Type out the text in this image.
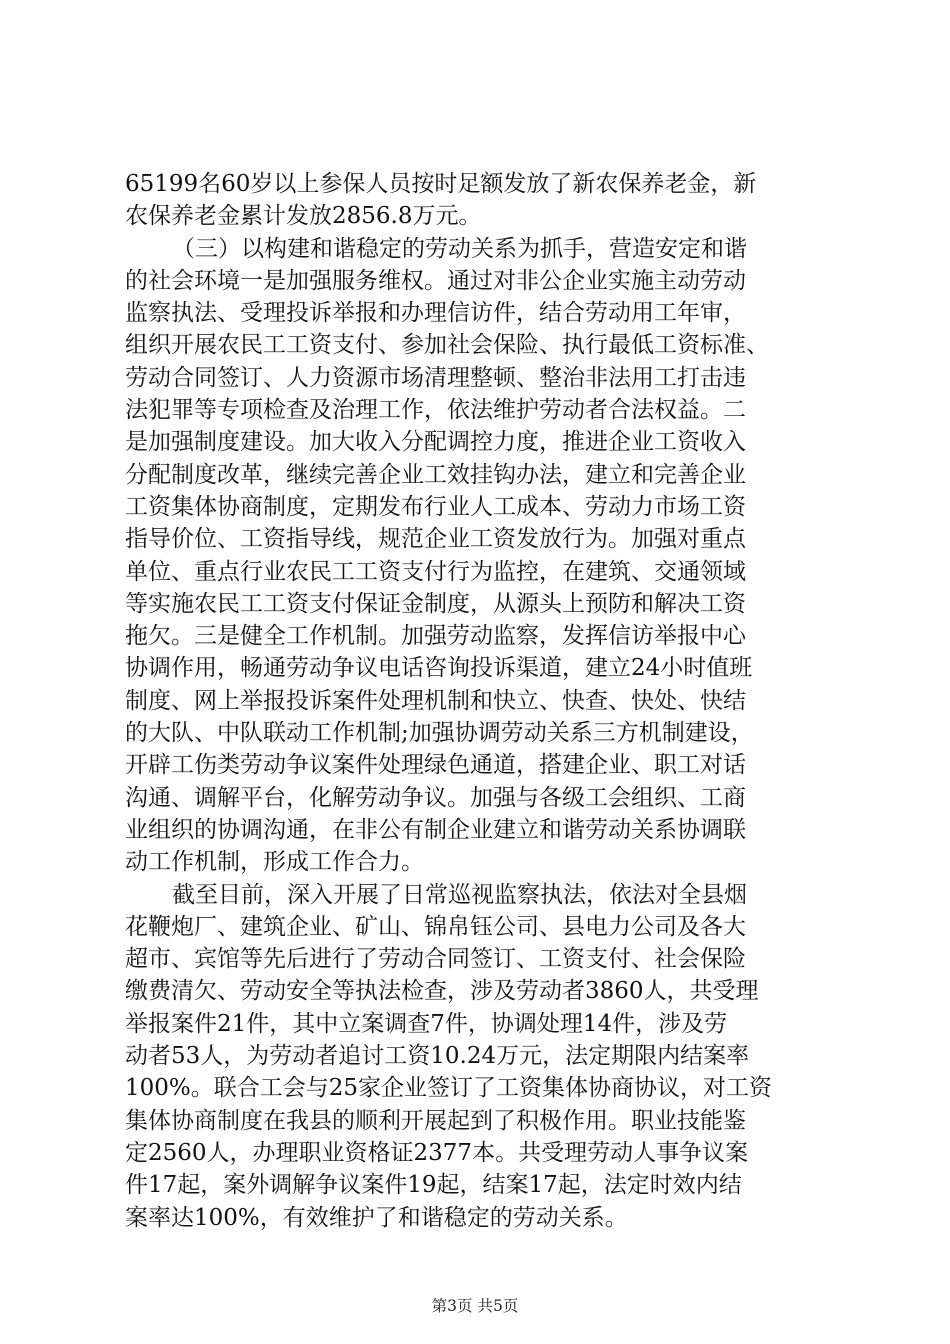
65199名60岁以上参保人员按时足额发放了新农保养老金，新
农保养老金累计发放2856.8万元。
（三）以构建和谐稳定的劳动关系为抓手，营造安定和谐
的社会环境一是加强服务维权。通过对非公企业实施主动劳动
监察执法、受理投诉举报和办理信访件，结合劳动用工年审，
组织开展农民工工资支付、参加社会保险、执行最低工资标准、
劳动合同签订、人力资源市场清理整顿、整治非法用工打击违
法犯罪等专项检查及治理工作，依法维护劳动者合法权益。二
是加强制度建设。加大收入分配调控力度，推进企业工资收入
分配制度改革，继续完善企业工效挂钩办法，建立和完善企业
工资集体协商制度，定期发布行业人工成本、劳动力市场工资
指导价位、工资指导线，规范企业工资发放行为。加强对重点
单位、重点行业农民工工资支付行为监控，在建筑、交通领域
等实施农民工工资支付保证金制度，从源头上预防和解决工资
拖欠。三是健全工作机制。加强劳动监察，发挥信访举报中心
协调作用，畅通劳动争议电话咨询投诉渠道，建立24小时值班
制度、网上举报投诉案件处理机制和快立、快查、快处、快结
的大队、中队联动工作机制;加强协调劳动关系三方机制建设，
开辟工伤类劳动争议案件处理绿色通道，搭建企业、职工对话
沟通、调解平台，化解劳动争议。加强与各级工会组织、工商
业组织的协调沟通，在非公有制企业建立和谐劳动关系协调联
动工作机制，形成工作合力。
截至目前，深入开展了日常巡视监察执法，依法对全县烟
花鞭炮厂、建筑企业、矿山、锦帛钰公司、县电力公司及各大
超市、宾馆等先后进行了劳动合同签订、工资支付、社会保险
缴费清欠、劳动安全等执法检查，涉及劳动者3860人，共受理
举报案件21件，其中立案调查7件，协调处理14件，涉及劳
动者53人，为劳动者追讨工资10.24万元，法定期限内结案率
100%。联合工会与25家企业签订了工资集体协商协议，对工资
集体协商制度在我县的顺利开展起到了积极作用。职业技能鉴
定2560人，办理职业资格证2377本。共受理劳动人事争议案
件17起，案外调解争议案件19起，结案17起，法定时效内结
案率达100%，有效维护了和谐稳定的劳动关系。
第3页 共5页
